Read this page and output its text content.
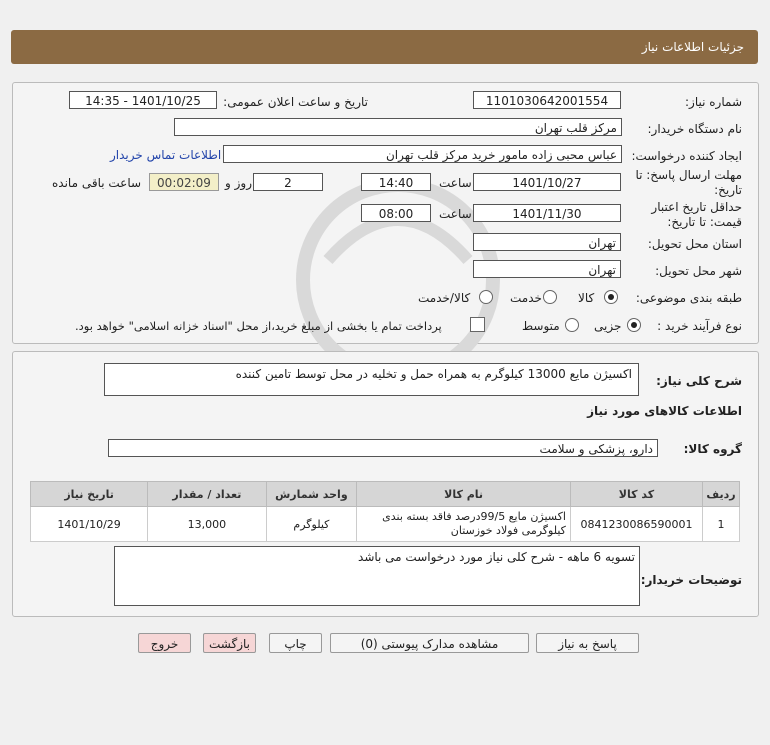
جزئیات اطلاعات نیاز
شماره نیاز:
1101030642001554
تاریخ و ساعت اعلان عمومی:
1401/10/25 - 14:35
نام دستگاه خریدار:
مرکز قلب تهران
ایجاد کننده درخواست:
عباس محبی زاده مامور خرید مرکز قلب تهران
اطلاعات تماس خریدار
مهلت ارسال پاسخ: تا
تاریخ:
1401/10/27
ساعت
14:40
2
روز و
00:02:09
ساعت باقی مانده
حداقل تاریخ اعتبار
قیمت: تا تاریخ:
1401/11/30
ساعت
08:00
استان محل تحویل:
تهران
شهر محل تحویل:
تهران
طبقه بندی موضوعی:
کالا
خدمت
کالا/خدمت
نوع فرآیند خرید :
جزیی
متوسط
پرداخت تمام یا بخشی از مبلغ خرید،از محل "اسناد خزانه اسلامی" خواهد بود.
شرح کلی نیاز:
اکسیژن مایع 13000 کیلوگرم به همراه حمل و تخلیه در محل توسط تامین کننده
اطلاعات کالاهای مورد نیاز
گروه کالا:
دارو، پزشکی و سلامت
ردیف	کد کالا	نام کالا	واحد شمارش	تعداد / مقدار	تاریخ نیاز
1	0841230086590001	اکسیژن مایع 99/5درصد فاقد بسته بندی کیلوگرمی فولاد خوزستان	کیلوگرم	13,000	1401/10/29
توضیحات خریدار:
تسویه 6 ماهه - شرح کلی نیاز مورد درخواست می باشد
پاسخ به نیاز
مشاهده مدارک پیوستی (0)
چاپ
بازگشت
خروج
